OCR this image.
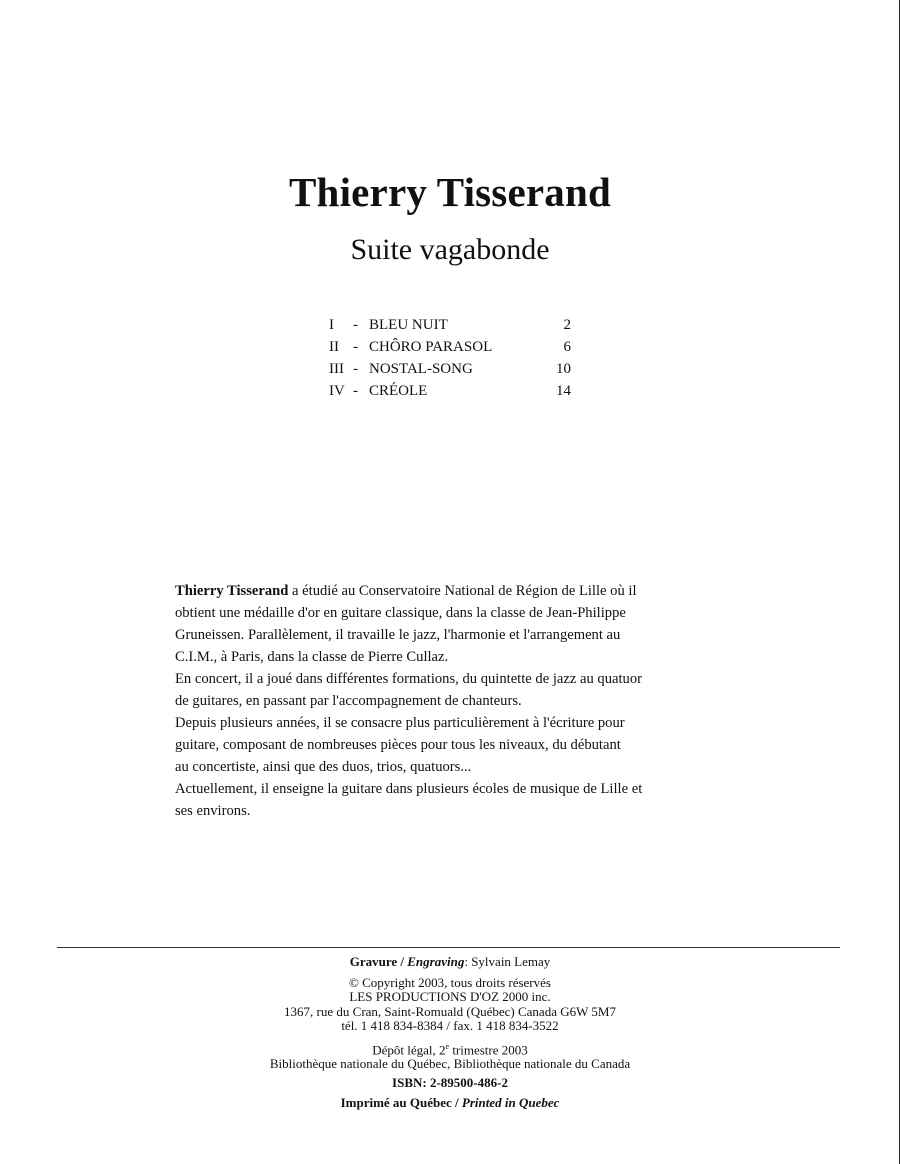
Thierry Tisserand
Suite vagabonde
I - BLEU NUIT	2
II - CHÔRO PARASOL	6
III - NOSTAL-SONG	10
IV - CRÉOLE	14
Thierry Tisserand a étudié au Conservatoire National de Région de Lille où il
obtient une médaille d'or en guitare classique, dans la classe de Jean-Philippe
Gruneissen. Parallèlement, il travaille le jazz, l'harmonie et l'arrangement au
C.I.M., à Paris, dans la classe de Pierre Cullaz.
En concert, il a joué dans différentes formations, du quintette de jazz au quatuor
de guitares, en passant par l'accompagnement de chanteurs.
Depuis plusieurs années, il se consacre plus particulièrement à l'écriture pour
guitare, composant de nombreuses pièces pour tous les niveaux, du débutant
au concertiste, ainsi que des duos, trios, quatuors...
Actuellement, il enseigne la guitare dans plusieurs écoles de musique de Lille et
ses environs.
Gravure / Engraving: Sylvain Lemay
© Copyright 2003, tous droits réservés
LES PRODUCTIONS D'OZ 2000 inc.
1367, rue du Cran, Saint-Romuald (Québec) Canada G6W 5M7
tél. 1 418 834-8384 / fax. 1 418 834-3522
Dépôt légal, 2e trimestre 2003
Bibliothèque nationale du Québec, Bibliothèque nationale du Canada
ISBN: 2-89500-486-2
Imprimé au Québec / Printed in Quebec
